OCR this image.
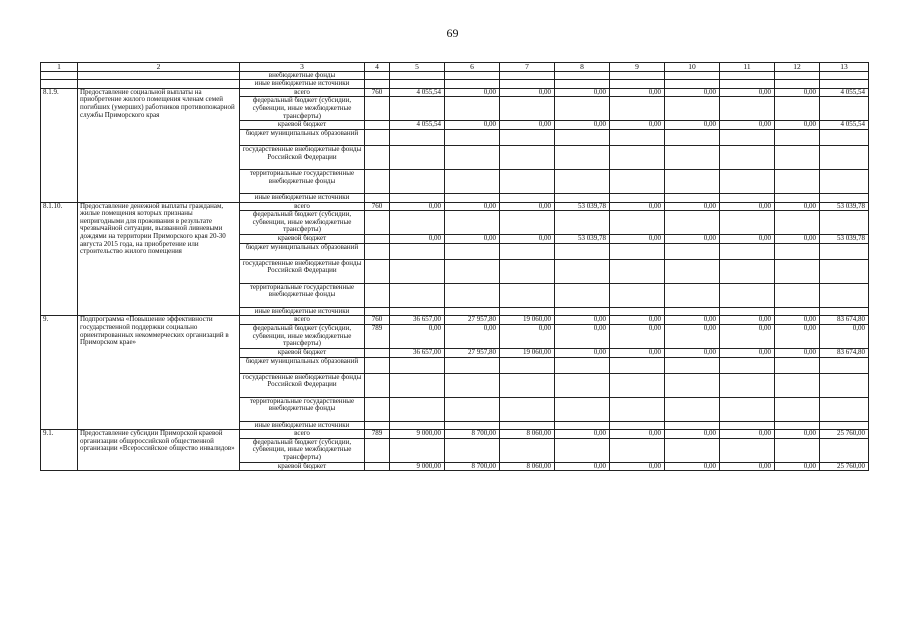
69
1	2	3	4	5	6	7	8	9	10	11	12	13
		внебюджетные фонды										
		иные внебюджетные источники										
8.1.9.	Предоставление социальной выплаты на приобретение жилого помещения членам семей погибших (умерших) работников противопожарной службы Приморского края	всего	760	4 055,54	0,00	0,00	0,00	0,00	0,00	0,00	0,00	4 055,54
		федеральный бюджет (субсидии, субвенции, иные межбюджетные трансферты)										
		краевой бюджет		4 055,54	0,00	0,00	0,00	0,00	0,00	0,00	0,00	4 055,54
		бюджет муниципальных образований										
		государственные внебюджетные фонды Российской Федерации										
		территориальные государственные внебюджетные фонды										
		иные внебюджетные источники										
8.1.10.	Предоставление денежной выплаты гражданам, жилые помещения которых признаны непригодными для проживания в результате чрезвычайной ситуации, вызванной ливневыми дождями на территории Приморского края 20-30 августа 2015 года, на приобретение или строительство жилого помещения	всего	760	0,00	0,00	0,00	53 039,78	0,00	0,00	0,00	0,00	53 039,78
		федеральный бюджет (субсидии, субвенции, иные межбюджетные трансферты)										
		краевой бюджет		0,00	0,00	0,00	53 039,78	0,00	0,00	0,00	0,00	53 039,78
		бюджет муниципальных образований										
		государственные внебюджетные фонды Российской Федерации										
		территориальные государственные внебюджетные фонды										
		иные внебюджетные источники										
9.	Подпрограмма «Повышение эффективности государственной поддержки социально ориентированных некоммерческих организаций в Приморском крае»	всего	760	36 657,00	27 957,80	19 060,00	0,00	0,00	0,00	0,00	0,00	83 674,80
		федеральный бюджет (субсидии, субвенции, иные межбюджетные трансферты)	789	0,00	0,00	0,00	0,00	0,00	0,00	0,00	0,00	0,00
		краевой бюджет		36 657,00	27 957,80	19 060,00	0,00	0,00	0,00	0,00	0,00	83 674,80
		бюджет муниципальных образований										
		государственные внебюджетные фонды Российской Федерации										
		территориальные государственные внебюджетные фонды										
		иные внебюджетные источники										
9.1.	Предоставление субсидии Приморской краевой организации общероссийской общественной организации «Всероссийское общество инвалидов»	всего	789	9 000,00	8 700,00	8 060,00	0,00	0,00	0,00	0,00	0,00	25 760,00
		федеральный бюджет (субсидии, субвенции, иные межбюджетные трансферты)										
		краевой бюджет		9 000,00	8 700,00	8 060,00	0,00	0,00	0,00	0,00	0,00	25 760,00
